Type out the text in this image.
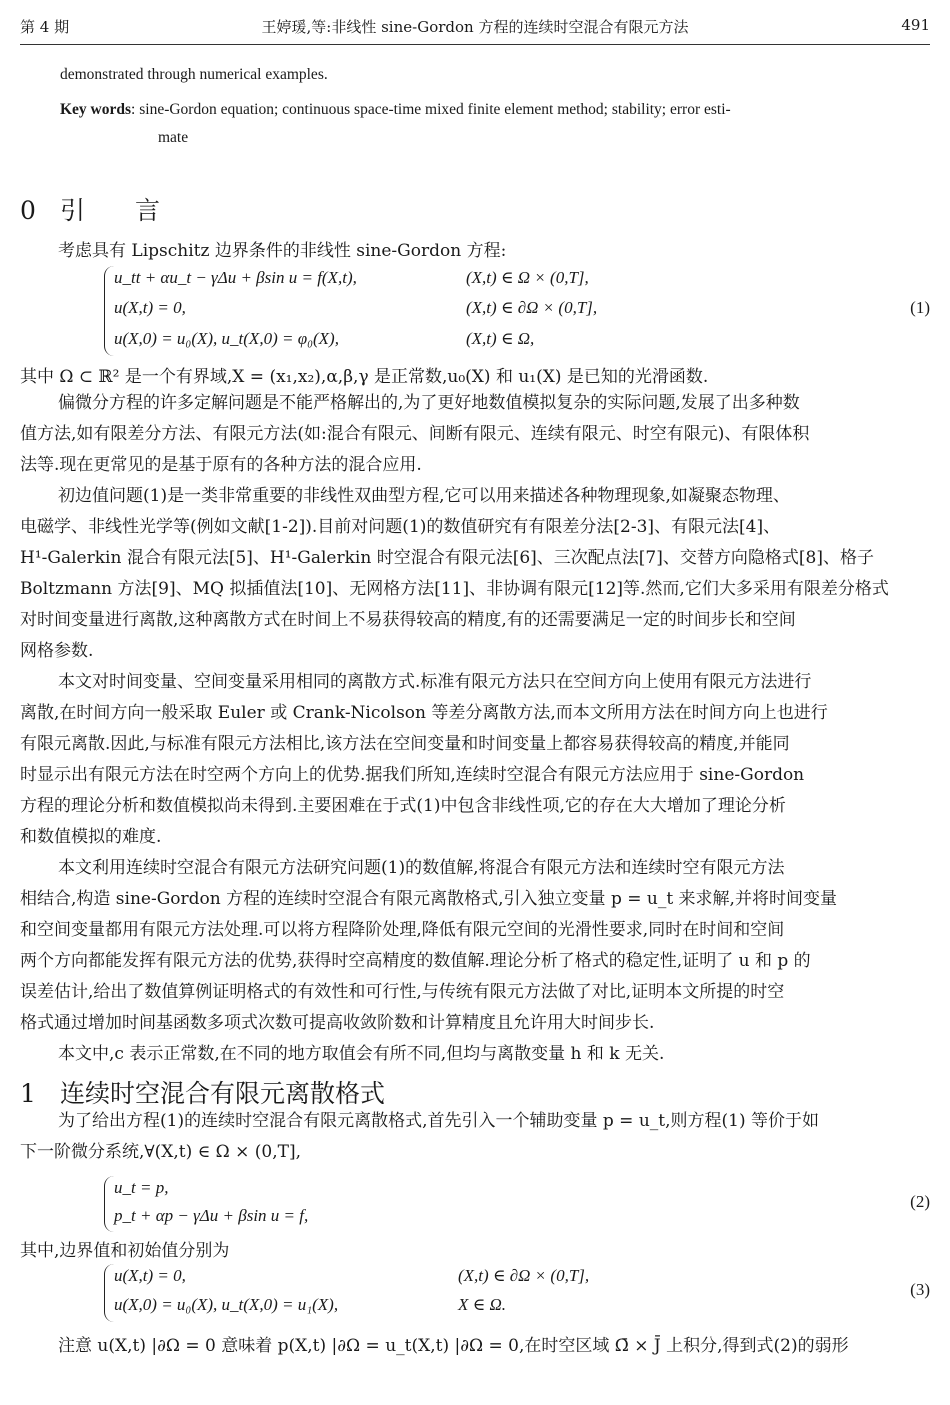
第 4 期	王婷瑗,等:非线性 sine-Gordon 方程的连续时空混合有限元方法	491
demonstrated through numerical examples.
Key words: sine-Gordon equation; continuous space-time mixed finite element method; stability; error esti-
mate
0 引　　言
考虑具有 Lipschitz 边界条件的非线性 sine-Gordon 方程:
u_tt + αu_t − γΔu + βsin u = f(X,t),	(X,t) ∈ Ω × (0,T],
u(X,t) = 0,	(X,t) ∈ ∂Ω × (0,T],	(1)
u(X,0) = u₀(X), u_t(X,0) = φ₀(X),	(X,t) ∈ Ω,
其中 Ω ⊂ ℝ² 是一个有界域,X = (x₁,x₂),α,β,γ 是正常数,u₀(X) 和 u₁(X) 是已知的光滑函数.
偏微分方程的许多定解问题是不能严格解出的,为了更好地数值模拟复杂的实际问题,发展了出多种数
值方法,如有限差分方法、有限元方法(如:混合有限元、间断有限元、连续有限元、时空有限元)、有限体积
法等.现在更常见的是基于原有的各种方法的混合应用.
初边值问题(1)是一类非常重要的非线性双曲型方程,它可以用来描述各种物理现象,如凝聚态物理、
电磁学、非线性光学等(例如文献[1-2]).目前对问题(1)的数值研究有有限差分法[2-3]、有限元法[4]、
H¹-Galerkin 混合有限元法[5]、H¹-Galerkin 时空混合有限元法[6]、三次配点法[7]、交替方向隐格式[8]、格子
Boltzmann 方法[9]、MQ 拟插值法[10]、无网格方法[11]、非协调有限元[12]等.然而,它们大多采用有限差分格式
对时间变量进行离散,这种离散方式在时间上不易获得较高的精度,有的还需要满足一定的时间步长和空间
网格参数.
本文对时间变量、空间变量采用相同的离散方式.标准有限元方法只在空间方向上使用有限元方法进行
离散,在时间方向一般采取 Euler 或 Crank-Nicolson 等差分离散方法,而本文所用方法在时间方向上也进行
有限元离散.因此,与标准有限元方法相比,该方法在空间变量和时间变量上都容易获得较高的精度,并能同
时显示出有限元方法在时空两个方向上的优势.据我们所知,连续时空混合有限元方法应用于 sine-Gordon
方程的理论分析和数值模拟尚未得到.主要困难在于式(1)中包含非线性项,它的存在大大增加了理论分析
和数值模拟的难度.
本文利用连续时空混合有限元方法研究问题(1)的数值解,将混合有限元方法和连续时空有限元方法
相结合,构造 sine-Gordon 方程的连续时空混合有限元离散格式,引入独立变量 p = u_t 来求解,并将时间变量
和空间变量都用有限元方法处理.可以将方程降阶处理,降低有限元空间的光滑性要求,同时在时间和空间
两个方向都能发挥有限元方法的优势,获得时空高精度的数值解.理论分析了格式的稳定性,证明了 u 和 p 的
误差估计,给出了数值算例证明格式的有效性和可行性,与传统有限元方法做了对比,证明本文所提的时空
格式通过增加时间基函数多项式次数可提高收敛阶数和计算精度且允许用大时间步长.
本文中,c 表示正常数,在不同的地方取值会有所不同,但均与离散变量 h 和 k 无关.
1 连续时空混合有限元离散格式
为了给出方程(1)的连续时空混合有限元离散格式,首先引入一个辅助变量 p = u_t,则方程(1) 等价于如
下一阶微分系统,∀(X,t) ∈ Ω × (0,T],
u_t = p,
p_t + αp − γΔu + βsin u = f,
(2)
其中,边界值和初始值分别为
u(X,t) = 0,	(X,t) ∈ ∂Ω × (0,T],
u(X,0) = u₀(X), u_t(X,0) = u₁(X),	X ∈ Ω.
(3)
注意 u(X,t) |∂Ω = 0 意味着 p(X,t) |∂Ω = u_t(X,t) |∂Ω = 0,在时空区域 Ω̄ × J̄ 上积分,得到式(2)的弱形
